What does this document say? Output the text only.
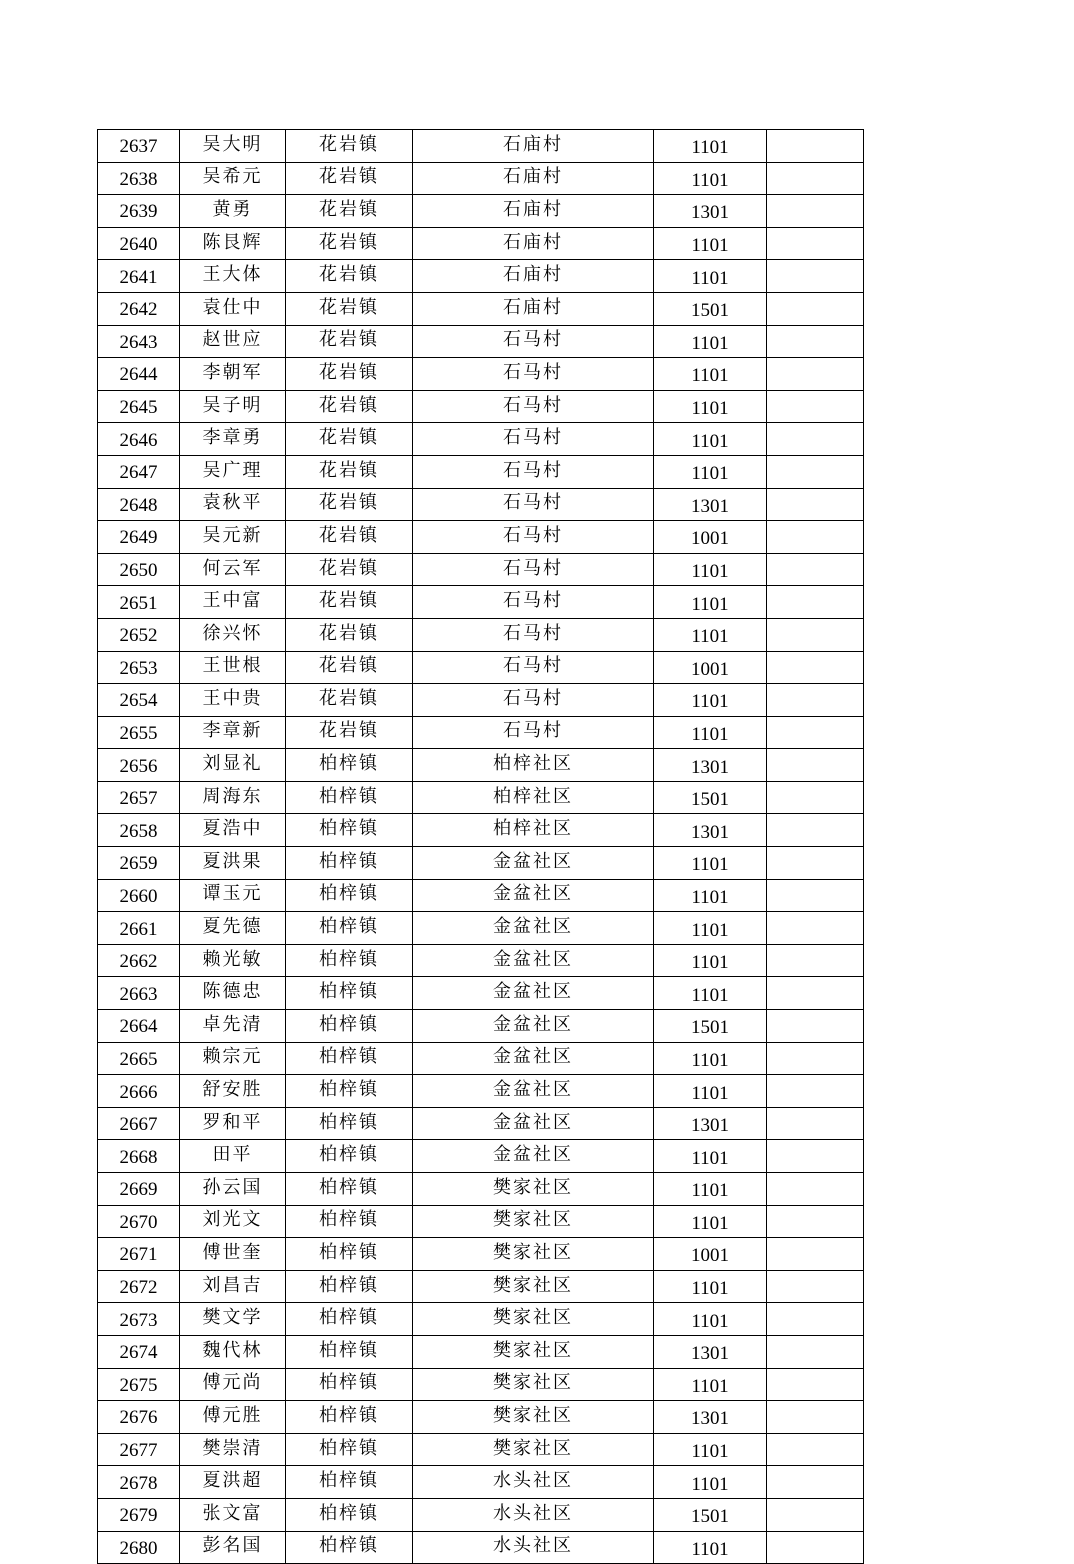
2637	吴大明	花岩镇	石庙村	1101	
2638	吴希元	花岩镇	石庙村	1101	
2639	黄勇	花岩镇	石庙村	1301	
2640	陈艮辉	花岩镇	石庙村	1101	
2641	王大体	花岩镇	石庙村	1101	
2642	袁仕中	花岩镇	石庙村	1501	
2643	赵世应	花岩镇	石马村	1101	
2644	李朝军	花岩镇	石马村	1101	
2645	吴子明	花岩镇	石马村	1101	
2646	李章勇	花岩镇	石马村	1101	
2647	吴广理	花岩镇	石马村	1101	
2648	袁秋平	花岩镇	石马村	1301	
2649	吴元新	花岩镇	石马村	1001	
2650	何云军	花岩镇	石马村	1101	
2651	王中富	花岩镇	石马村	1101	
2652	徐兴怀	花岩镇	石马村	1101	
2653	王世根	花岩镇	石马村	1001	
2654	王中贵	花岩镇	石马村	1101	
2655	李章新	花岩镇	石马村	1101	
2656	刘显礼	柏梓镇	柏梓社区	1301	
2657	周海东	柏梓镇	柏梓社区	1501	
2658	夏浩中	柏梓镇	柏梓社区	1301	
2659	夏洪果	柏梓镇	金盆社区	1101	
2660	谭玉元	柏梓镇	金盆社区	1101	
2661	夏先德	柏梓镇	金盆社区	1101	
2662	赖光敏	柏梓镇	金盆社区	1101	
2663	陈德忠	柏梓镇	金盆社区	1101	
2664	卓先清	柏梓镇	金盆社区	1501	
2665	赖宗元	柏梓镇	金盆社区	1101	
2666	舒安胜	柏梓镇	金盆社区	1101	
2667	罗和平	柏梓镇	金盆社区	1301	
2668	田平	柏梓镇	金盆社区	1101	
2669	孙云国	柏梓镇	樊家社区	1101	
2670	刘光文	柏梓镇	樊家社区	1101	
2671	傅世奎	柏梓镇	樊家社区	1001	
2672	刘昌吉	柏梓镇	樊家社区	1101	
2673	樊文学	柏梓镇	樊家社区	1101	
2674	魏代林	柏梓镇	樊家社区	1301	
2675	傅元尚	柏梓镇	樊家社区	1101	
2676	傅元胜	柏梓镇	樊家社区	1301	
2677	樊崇清	柏梓镇	樊家社区	1101	
2678	夏洪超	柏梓镇	水头社区	1101	
2679	张文富	柏梓镇	水头社区	1501	
2680	彭名国	柏梓镇	水头社区	1101	
